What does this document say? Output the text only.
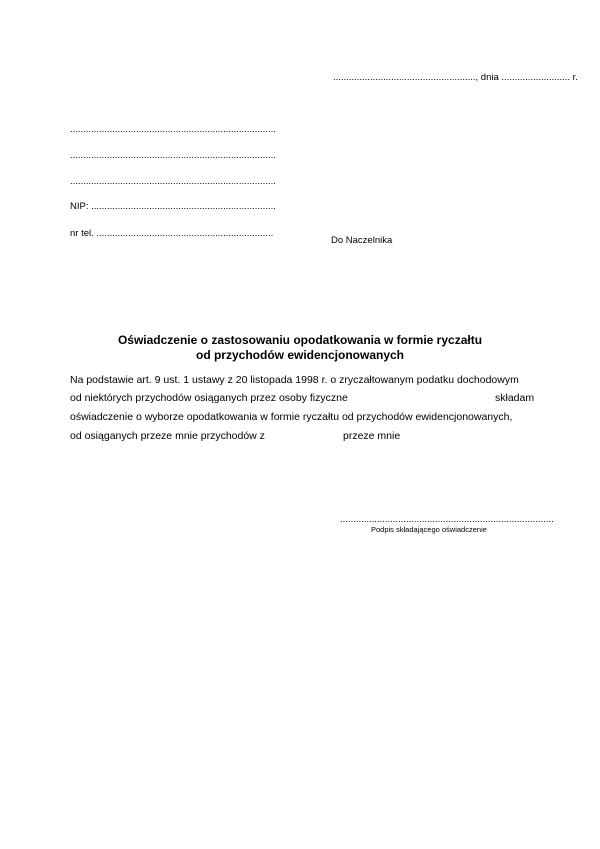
......................................................, dnia .......................... r.
..............................................................................
..............................................................................
..............................................................................
NIP: ......................................................................
nr tel. ...................................................................
Do Naczelnika
Oświadczenie o zastosowaniu opodatkowania w formie ryczałtu
od przychodów ewidencjonowanych
Na podstawie art. 9 ust. 1 ustawy z 20 listopada 1998 r. o zryczałtowanym podatku dochodowym
od niektórych przychodów osiąganych przez osoby fizyczne	składam
oświadczenie o wyborze opodatkowania w formie ryczałtu od przychodów ewidencjonowanych,
od osiąganych przeze mnie przychodów z	przeze mnie
.................................................................................
Podpis składającego oświadczenie
